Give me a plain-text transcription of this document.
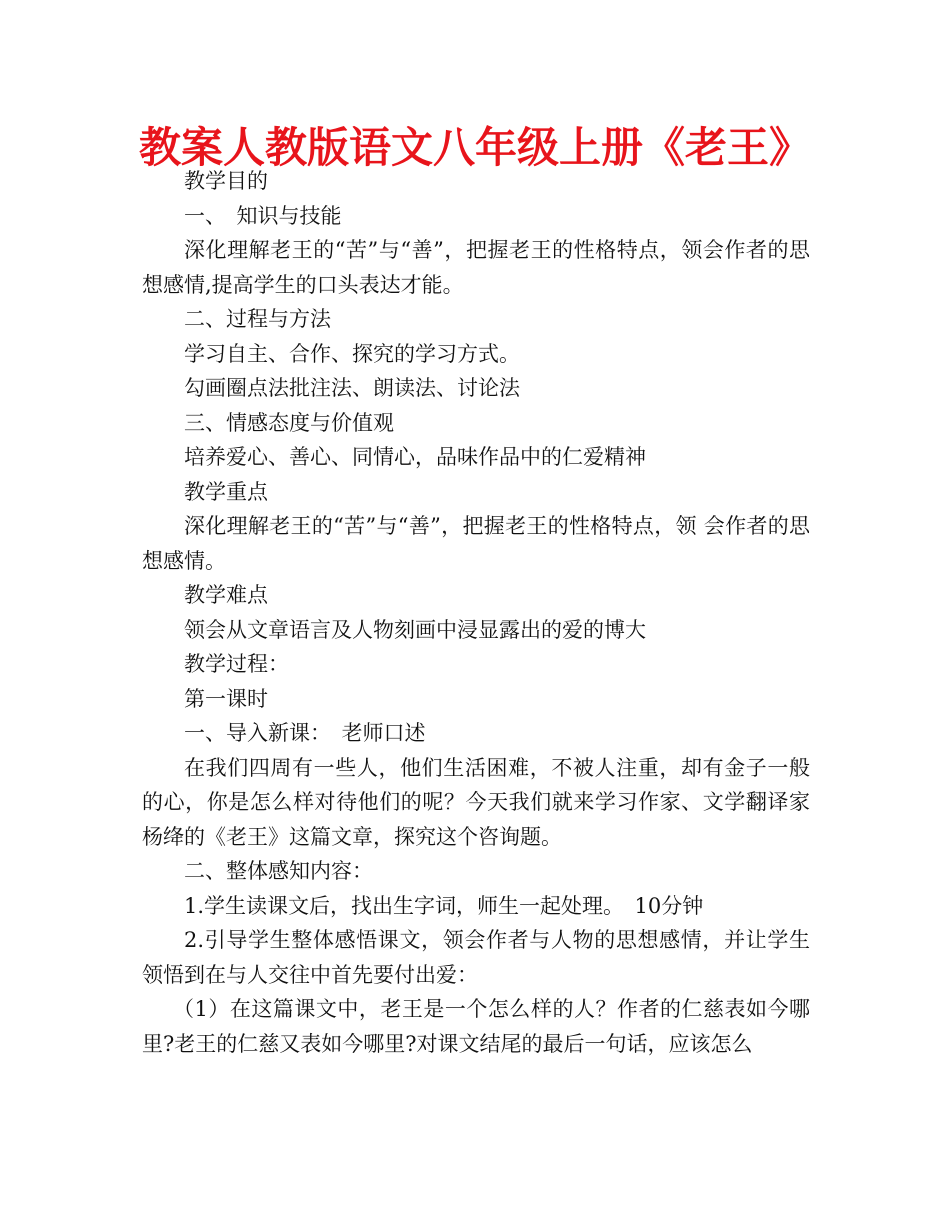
教案人教版语文八年级上册《老王》

教学目的

一、　知识与技能

深化理解老王的“苦”与“善”，把握老王的性格特点，领会作者的思想感情,提高学生的口头表达才能。

二、过程与方法

学习自主、合作、探究的学习方式。

勾画圈点法批注法、朗读法、讨论法

三、情感态度与价值观

培养爱心、善心、同情心，品味作品中的仁爱精神

教学重点

深化理解老王的“苦”与“善”，把握老王的性格特点，领 会作者的思想感情。

教学难点

领会从文章语言及人物刻画中浸显露出的爱的博大

教学过程：

第一课时

一、导入新课：　老师口述

在我们四周有一些人，他们生活困难，不被人注重，却有金子一般的心，你是怎么样对待他们的呢？今天我们就来学习作家、文学翻译家杨绛的《老王》这篇文章，探究这个咨询题。

二、整体感知内容：

1.学生读课文后，找出生字词，师生一起处理。　10分钟

2.引导学生整体感悟课文，领会作者与人物的思想感情，并让学生领悟到在与人交往中首先要付出爱：

（1）在这篇课文中，老王是一个怎么样的人？作者的仁慈表如今哪里?老王的仁慈又表如今哪里?对课文结尾的最后一句话，应该怎么
